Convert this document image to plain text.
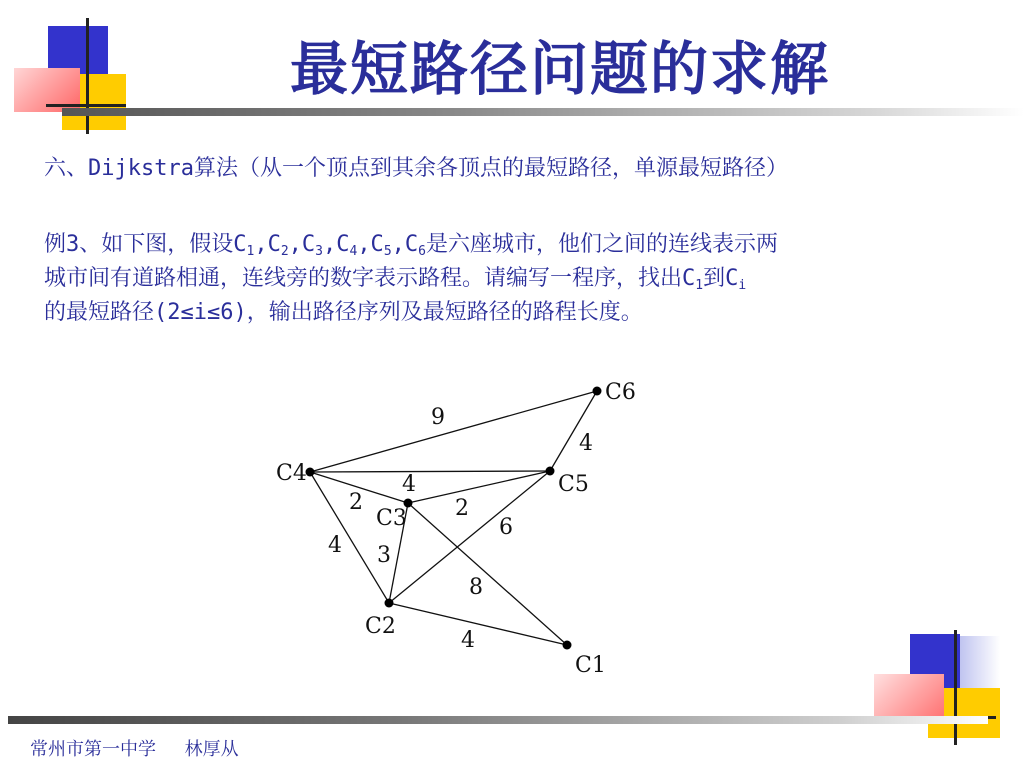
最短路径问题的求解
六、Dijkstra算法（从一个顶点到其余各顶点的最短路径，单源最短路径）
例3、如下图，假设$C_1,C_2,C_3,C_4,C_5,C_6$是六座城市，他们之间的连线表示两
城市间有道路相通，连线旁的数字表示路程。请编写一程序，找出$C_1$到$C_i$
的最短路径(2≤i≤6)，输出路径序列及最短路径的路程长度。
9
4
4
2	2
6
4 3
8
4
C1
C2
C3
C4	C5
C6
常州市第一中学 林厚从
